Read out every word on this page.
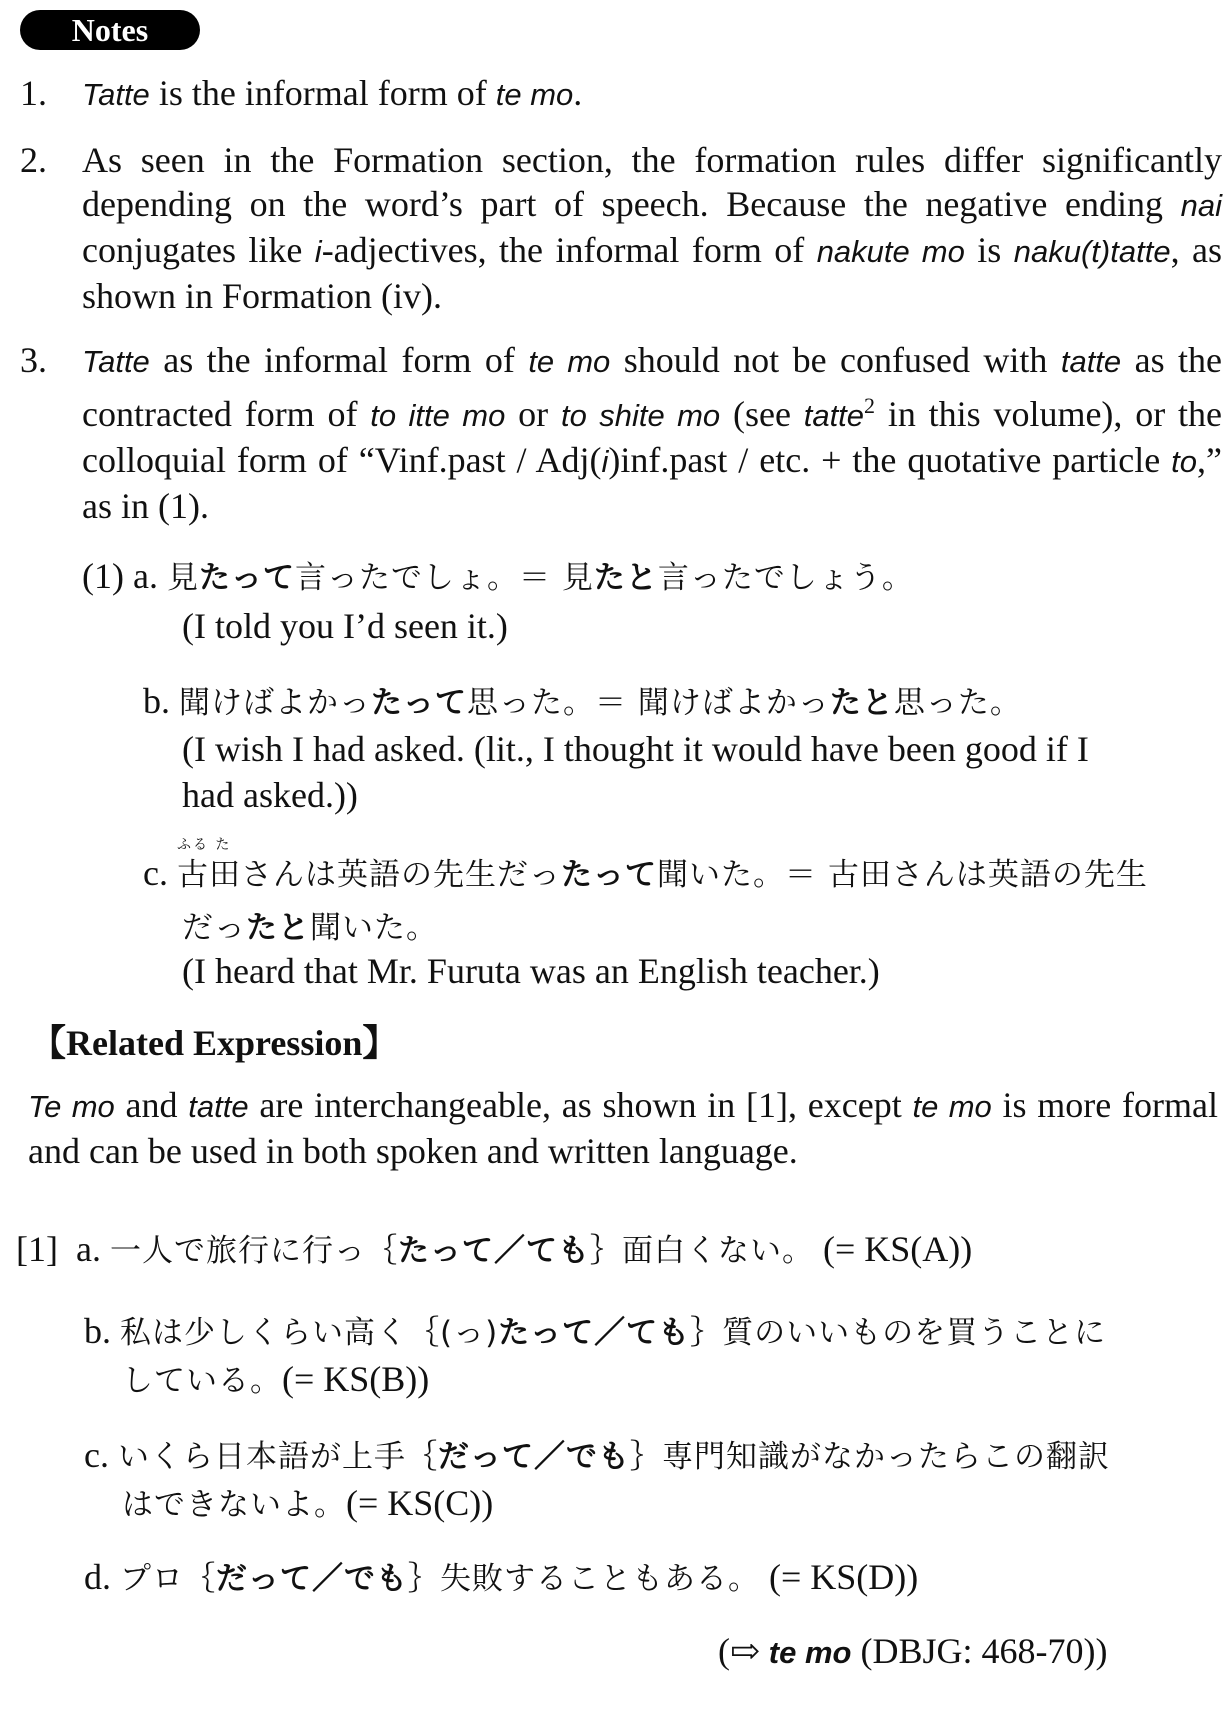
Notes
1. Tatte is the informal form of te mo.
2. As seen in the Formation section, the formation rules differ significantly depending on the word’s part of speech. Because the negative ending nai conjugates like i-adjectives, the informal form of nakute mo is naku(t)tatte, as shown in Formation (iv).
3. Tatte as the informal form of te mo should not be confused with tatte as the contracted form of to itte mo or to shite mo (see tatte$^2$ in this volume), or the colloquial form of “Vinf.past / Adj(i)inf.past / etc. + the quotative particle to,” as in (1).
(1) a. 見たって言ったでしょ。＝ 見たと言ったでしょう。
(I told you I’d seen it.)
b. 聞けばよかったって思った。＝ 聞けばよかったと思った。
(I wish I had asked. (lit., I thought it would have been good if I
had asked.))
c.
ふる た
古田さんは英語の先生だったって聞いた。＝ 古田さんは英語の先生
だったと聞いた。
(I heard that Mr. Furuta was an English teacher.)
【Related Expression】
Te mo and tatte are interchangeable, as shown in [1], except te mo is more formal and can be used in both spoken and written language.
[1] a. 一人で旅行に行っ｛たって／ても｝面白くない。 (= KS(A))
b. 私は少しくらい高く｛(っ)たって／ても｝質のいいものを買うことに
している。(= KS(B))
c. いくら日本語が上手｛だって／でも｝専門知識がなかったらこの翻訳
はできないよ。(= KS(C))
d. プロ｛だって／でも｝失敗することもある。 (= KS(D))
(⇨ te mo (DBJG: 468-70))
